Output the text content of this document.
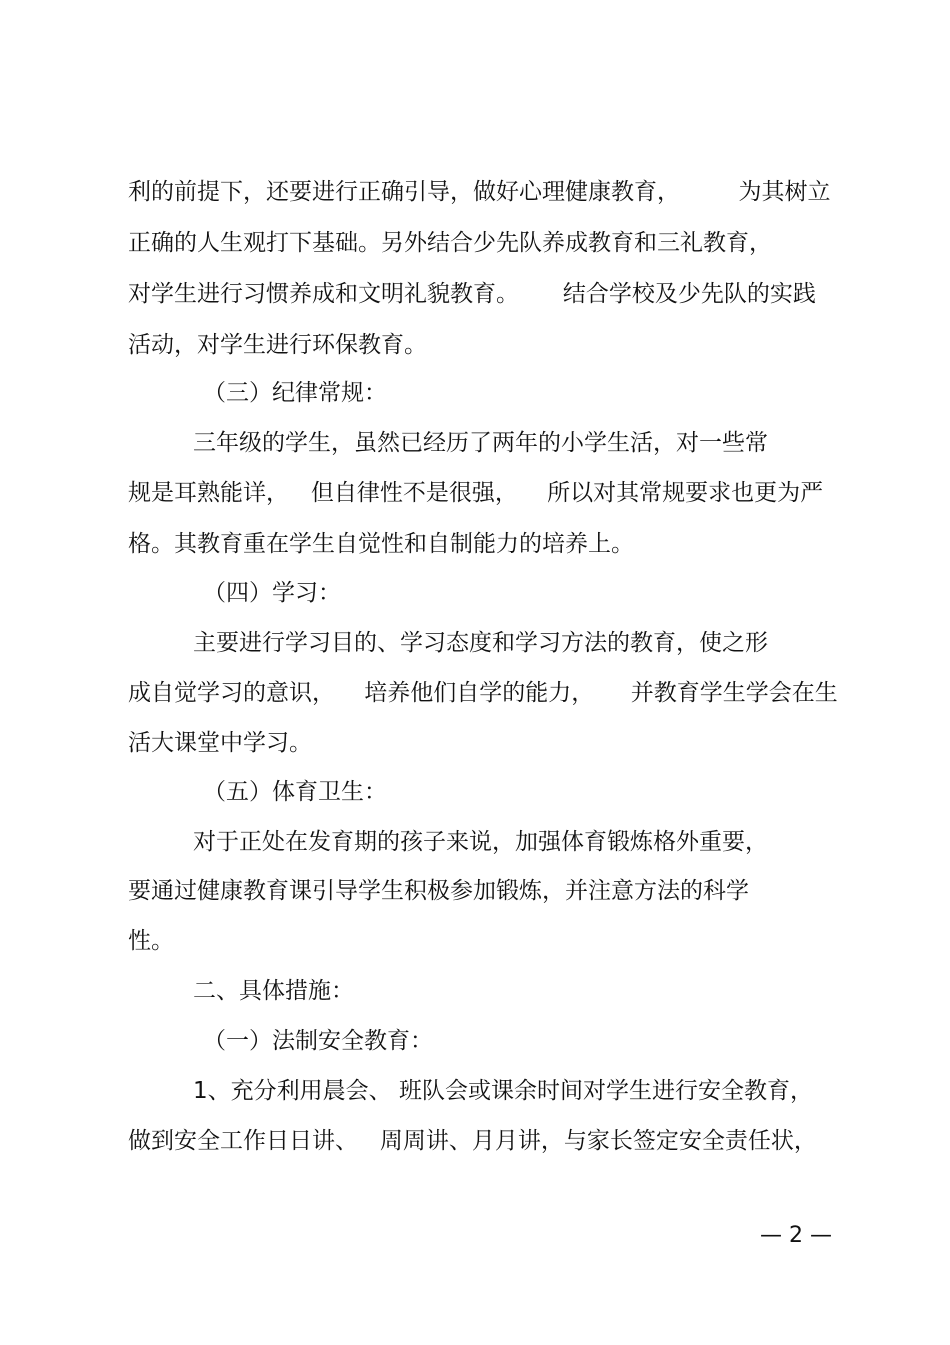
利的前提下，还要进行正确引导，做好心理健康教育，        为其树立

正确的人生观打下基础。另外结合少先队养成教育和三礼教育，

对学生进行习惯养成和文明礼貌教育。      结合学校及少先队的实践

活动，对学生进行环保教育。

（三）纪律常规：

三年级的学生，虽然已经历了两年的小学生活，对一些常

规是耳熟能详，   但自律性不是很强，    所以对其常规要求也更为严

格。其教育重在学生自觉性和自制能力的培养上。

（四）学习：

主要进行学习目的、学习态度和学习方法的教育，使之形

成自觉学习的意识，    培养他们自学的能力，     并教育学生学会在生

活大课堂中学习。

（五）体育卫生：

对于正处在发育期的孩子来说，加强体育锻炼格外重要，

要通过健康教育课引导学生积极参加锻炼，并注意方法的科学

性。

二、具体措施：

（一）法制安全教育：

1、充分利用晨会、 班队会或课余时间对学生进行安全教育，

做到安全工作日日讲、   周周讲、月月讲，与家长签定安全责任状，

— 2 —
